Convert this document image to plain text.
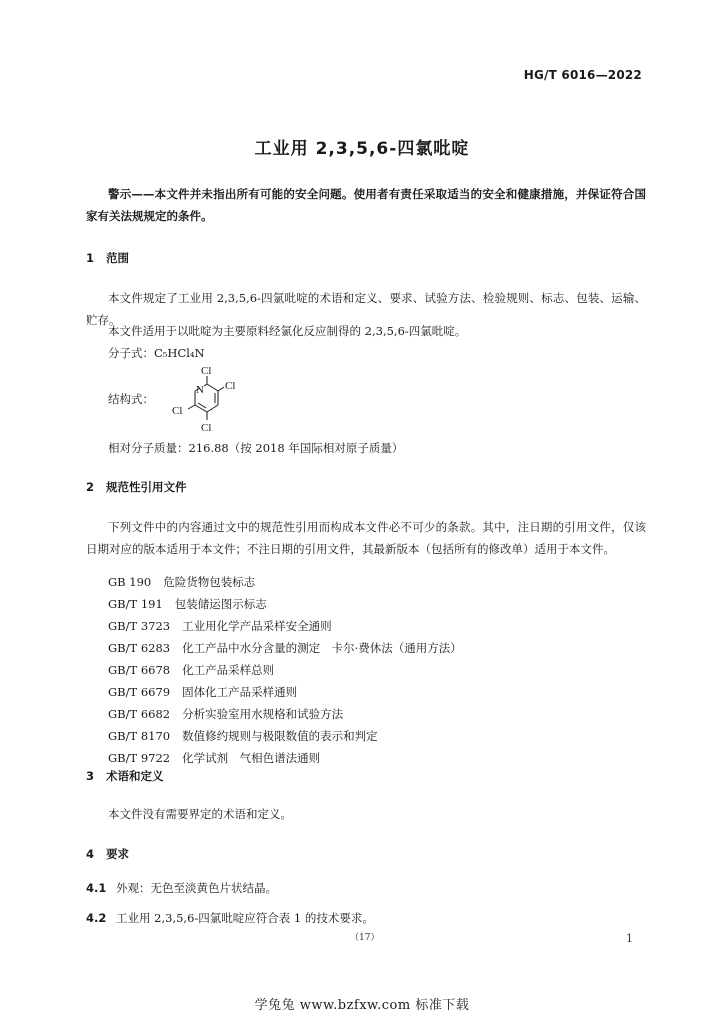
HG/T 6016—2022
工业用 2,3,5,6-四氯吡啶
警示——本文件并未指出所有可能的安全问题。使用者有责任采取适当的安全和健康措施，并保证符合国家有关法规规定的条件。
1 范围
本文件规定了工业用 2,3,5,6-四氯吡啶的术语和定义、要求、试验方法、检验规则、标志、包装、运输、贮存。
本文件适用于以吡啶为主要原料经氯化反应制得的 2,3,5,6-四氯吡啶。
分子式：C₅HCl₄N
结构式：
Cl
N Cl
Cl
Cl
相对分子质量：216.88（按 2018 年国际相对原子质量）
2 规范性引用文件
下列文件中的内容通过文中的规范性引用而构成本文件必不可少的条款。其中，注日期的引用文件，仅该日期对应的版本适用于本文件；不注日期的引用文件，其最新版本（包括所有的修改单）适用于本文件。
GB 190 危险货物包装标志
GB/T 191 包装储运图示标志
GB/T 3723 工业用化学产品采样安全通则
GB/T 6283 化工产品中水分含量的测定　卡尔·费休法（通用方法）
GB/T 6678 化工产品采样总则
GB/T 6679 固体化工产品采样通则
GB/T 6682 分析实验室用水规格和试验方法
GB/T 8170 数值修约规则与极限数值的表示和判定
GB/T 9722 化学试剂　气相色谱法通则
3 术语和定义
本文件没有需要界定的术语和定义。
4 要求
4.1 外观：无色至淡黄色片状结晶。
4.2 工业用 2,3,5,6-四氯吡啶应符合表 1 的技术要求。
（17）	1
学兔兔 www.bzfxw.com 标准下载
